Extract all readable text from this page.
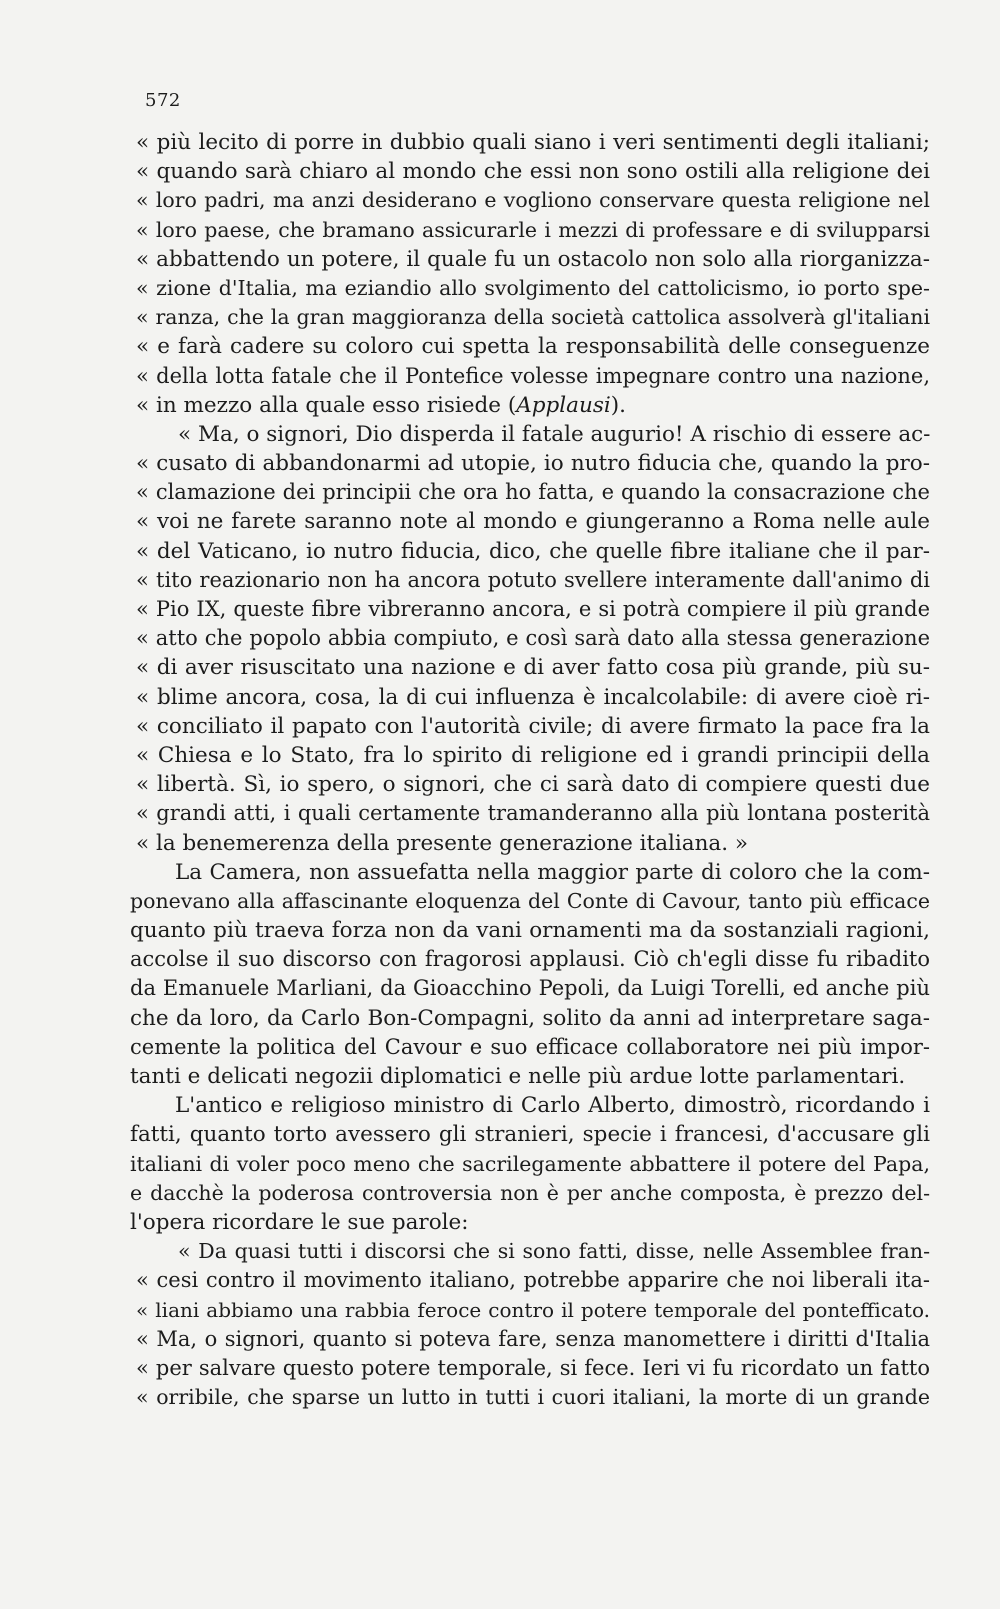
572

« più lecito di porre in dubbio quali siano i veri sentimenti degli italiani;
« quando sarà chiaro al mondo che essi non sono ostili alla religione dei
« loro padri, ma anzi desiderano e vogliono conservare questa religione nel
« loro paese, che bramano assicurarle i mezzi di professare e di svilupparsi
« abbattendo un potere, il quale fu un ostacolo non solo alla riorganizza-
« zione d'Italia, ma eziandio allo svolgimento del cattolicismo, io porto spe-
« ranza, che la gran maggioranza della società cattolica assolverà gl'italiani
« e farà cadere su coloro cui spetta la responsabilità delle conseguenze
« della lotta fatale che il Pontefice volesse impegnare contro una nazione,
« in mezzo alla quale esso risiede (Applausi).
« Ma, o signori, Dio disperda il fatale augurio! A rischio di essere ac-
« cusato di abbandonarmi ad utopie, io nutro fiducia che, quando la pro-
« clamazione dei principii che ora ho fatta, e quando la consacrazione che
« voi ne farete saranno note al mondo e giungeranno a Roma nelle aule
« del Vaticano, io nutro fiducia, dico, che quelle fibre italiane che il par-
« tito reazionario non ha ancora potuto svellere interamente dall'animo di
« Pio IX, queste fibre vibreranno ancora, e si potrà compiere il più grande
« atto che popolo abbia compiuto, e così sarà dato alla stessa generazione
« di aver risuscitato una nazione e di aver fatto cosa più grande, più su-
« blime ancora, cosa, la di cui influenza è incalcolabile: di avere cioè ri-
« conciliato il papato con l'autorità civile; di avere firmato la pace fra la
« Chiesa e lo Stato, fra lo spirito di religione ed i grandi principii della
« libertà. Sì, io spero, o signori, che ci sarà dato di compiere questi due
« grandi atti, i quali certamente tramanderanno alla più lontana posterità
« la benemerenza della presente generazione italiana. »
La Camera, non assuefatta nella maggior parte di coloro che la com-
ponevano alla affascinante eloquenza del Conte di Cavour, tanto più efficace
quanto più traeva forza non da vani ornamenti ma da sostanziali ragioni,
accolse il suo discorso con fragorosi applausi. Ciò ch'egli disse fu ribadito
da Emanuele Marliani, da Gioacchino Pepoli, da Luigi Torelli, ed anche più
che da loro, da Carlo Bon-Compagni, solito da anni ad interpretare saga-
cemente la politica del Cavour e suo efficace collaboratore nei più impor-
tanti e delicati negozii diplomatici e nelle più ardue lotte parlamentari.
L'antico e religioso ministro di Carlo Alberto, dimostrò, ricordando i
fatti, quanto torto avessero gli stranieri, specie i francesi, d'accusare gli
italiani di voler poco meno che sacrilegamente abbattere il potere del Papa,
e dacchè la poderosa controversia non è per anche composta, è prezzo del-
l'opera ricordare le sue parole:
« Da quasi tutti i discorsi che si sono fatti, disse, nelle Assemblee fran-
« cesi contro il movimento italiano, potrebbe apparire che noi liberali ita-
« liani abbiamo una rabbia feroce contro il potere temporale del pontefficato.
« Ma, o signori, quanto si poteva fare, senza manomettere i diritti d'Italia
« per salvare questo potere temporale, si fece. Ieri vi fu ricordato un fatto
« orribile, che sparse un lutto in tutti i cuori italiani, la morte di un grande
